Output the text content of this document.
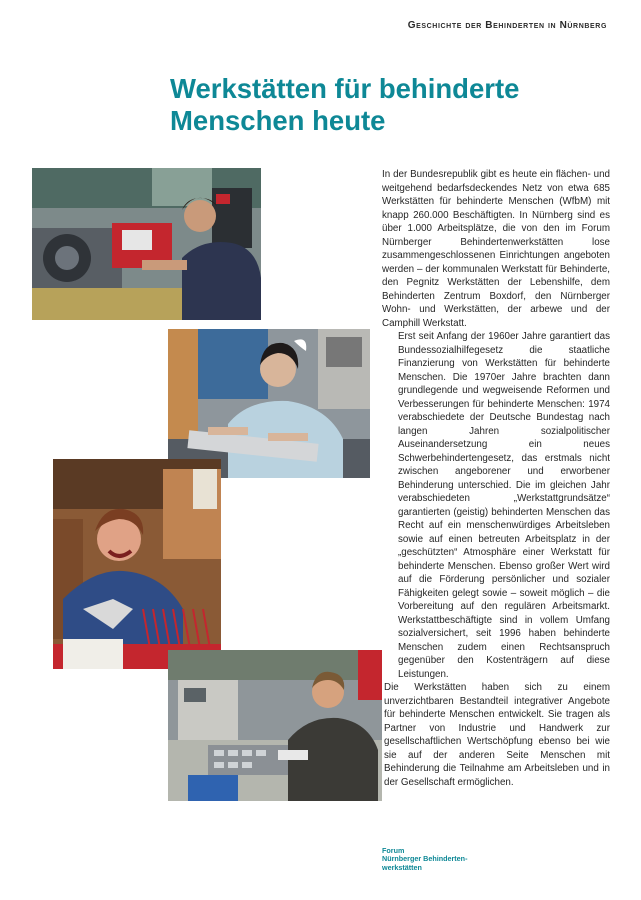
Geschichte der Behinderten in Nürnberg
Werkstätten für behinderte
Menschen heute

In der Bundesrepublik gibt es heute ein flächen- und weitgehend bedarfsdeckendes Netz von etwa 685 Werkstätten für behinderte Menschen (WfbM) mit knapp 260.000 Beschäftigten. In Nürnberg sind es über 1.000 Arbeitsplätze, die von den im Forum Nürnberger Behindertenwerkstätten lose zusammengeschlossenen Einrichtungen angeboten werden – der kommunalen Werkstatt für Behinderte, den Pegnitz Werkstätten der Lebenshilfe, dem Behinderten Zentrum Boxdorf, den Nürnberger Wohn- und Werkstätten, der arbewe und der Camphill Werkstatt.

Erst seit Anfang der 1960er Jahre garantiert das Bundessozialhilfegesetz die staatliche Finanzierung von Werkstätten für behinderte Menschen. Die 1970er Jahre brachten dann grundlegende und wegweisende Reformen und Verbesserungen für behinderte Menschen: 1974 verabschiedete der Deutsche Bundestag nach langen Jahren sozialpolitischer Auseinandersetzung ein neues Schwerbehindertengesetz, das erstmals nicht zwischen angeborener und erworbener Behinderung unterschied. Die im gleichen Jahr verabschiedeten „Werkstattgrundsätze“ garantierten (geistig) behinderten Menschen das Recht auf ein menschenwürdiges Arbeitsleben sowie auf einen betreuten Arbeitsplatz in der „geschützten“ Atmosphäre einer Werkstatt für behinderte Menschen. Ebenso großer Wert wird auf die Förderung persönlicher und sozialer Fähigkeiten gelegt sowie – soweit möglich – die Vorbereitung auf den regulären Arbeitsmarkt. Werkstattbeschäftigte sind in vollem Umfang sozialversichert, seit 1996 haben behinderte Menschen zudem einen Rechtsanspruch gegenüber den Kostenträgern auf diese Leistungen.

Die Werkstätten haben sich zu einem unverzichtbaren Bestandteil integrativer Angebote für behinderte Menschen entwickelt. Sie tragen als Partner von Industrie und Handwerk zur gesellschaftlichen Wertschöpfung ebenso bei wie sie auf der anderen Seite Menschen mit Behinderung die Teilnahme am Arbeitsleben und in der Gesellschaft ermöglichen.

Forum
Nürnberger Behinderten-
werkstätten
